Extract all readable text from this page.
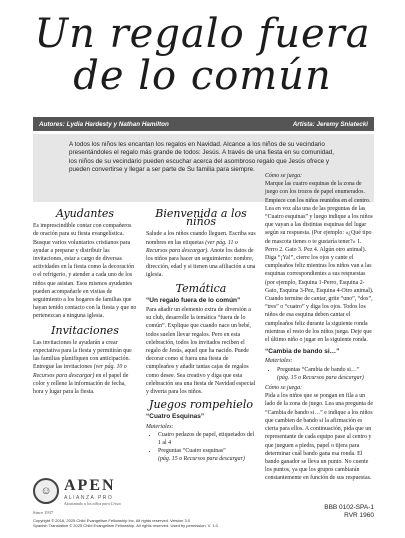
Un regalo fuera
de lo común
Autores: Lydia Hardesty y Nathan Hamilton	Artista: Jeremy Sniatecki
A todos los niños les encantan los regalos en Navidad. Alcance a los niños de su vecindario presentándoles el regalo más grande de todos: Jesús. A través de una fiesta en su comunidad, los niños de su vecindario pueden escuchar acerca del asombroso regalo que Jesús ofrece y pueden convertirse y llegar a ser parte de Su familia para siempre.
Ayudantes

Es imprescindible contar con compañeros de oración para su fiesta evangelística. Busque varios voluntarios cristianos para ayudar a preparar y distribuir las invitaciones, estar a cargo de diversas actividades en la fiesta como la decoración o el refrigerio, y atender a cada uno de los niños que asistan. Esos mismos ayudantes pueden acompañarle en visitas de seguimiento a los hogares de familias que hayan tenido contacto con la fiesta y que no pertenezcan a ninguna iglesia.

Invitaciones

Las invitaciones le ayudarán a crear expectativa para la fiesta y permitirán que las familias planifiquen con anticipación. Entregue las invitaciones (ver pág. 10 o Recursos para descargar) en el papel de color y rellene la información de fecha, hora y lugar para la fiesta.

Bienvenida a los niños

Salude a los niños cuando lleguen. Escriba sus nombres en las etiquetas (ver pág. 11 o Recursos para descargar). Anote los datos de los niños para hacer un seguimiento: nombre, dirección, edad y si tienen una afiliación a una iglesia.

Temática
“Un regalo fuera de lo común”

Para añadir un elemento extra de diversión a su club, desarrolle la temática “fuera de lo común”. Explique que cuando nace un bebé, todos suelen llevar regalos. Pero en esta celebración, todos los invitados reciben el regalo de Jesús, aquel que ha nacido. Puede decorar como si fuera una fiesta de cumpleaños y añadir tantas cajas de regalos como desee. Sea creativo y diga que esta celebración sea una fiesta de Navidad especial y diverta para los niños.

Juegos rompehielo
“Cuatro Esquinas”

Materiales:

• Cuatro pedazos de papel, etiquetados del 1 al 4
• Preguntas “Cuatro esquinas”
(pág. 15 o Recursos para descargar)

Cómo se juega:

Marque las cuatro esquinas de la zona de juego con los trozos de papel enumerados. Empiece con los niños reunidos en el centro. Lea en voz alta una de las preguntas de las “Cuatro esquinas” y luego indique a los niños que vayan a las distintas esquinas del lugar según su respuesta. (Por ejemplo: «¿Qué tipo de mascota tienes o te gustaría tener?» 1. Perro 2. Gato 3. Pez 4. Algún otro animal). Diga “¡Ya!”, cierre los ojos y cante el cumpleaños feliz mientras los niños van a las esquinas correspondientes a sus respuestas (por ejemplo, Esquina 1-Perro, Esquina 2-Gato, Esquina 3-Pez, Esquina 4-Otro animal). Cuando termine de cantar, grite “uno”, “dos”, “tres” o “cuatro” y diga los ojos. Todos los niños de esa esquina deben cantar el cumpleaños feliz durante la siguiente ronda mientras el resto de los niños juega. Deje que el último niño o jugar en la siguiente ronda.

“Cambia de bando si…”

Materiales:

• Preguntas “Cambia de bando si…”
(pág. 15 o Recursos para descargar)

Cómo se juega:

Pida a los niños que se pongan en fila a un lado de la zona de juego. Lea una pregunta de “Cambia de bando si…” e indique a los niños que cambien de bando si la afirmación es cierta para ellos. A continuación, pida que un representante de cada equipo pase al centro y que jueguen a piedra, papel o tijera para determinar cuál bando gana esa ronda. El bando ganador se lleva un punto. No cuente los puntos, ya que los grupos cambiarán constantemente en función de sus respuestas.

☺ APEN
ALIANZA PRO
Alcanzando a los niños para Cristo
Since 1937
BBB 0102-SPA-1
RVR 1960
Copyright © 2016, 2025 Child Evangelism Fellowship Inc. All rights reserved. Version 3.0
Spanish Translation © 2025 Child Evangelism Fellowship. All rights reserved. Used by permission. V. 1.0
